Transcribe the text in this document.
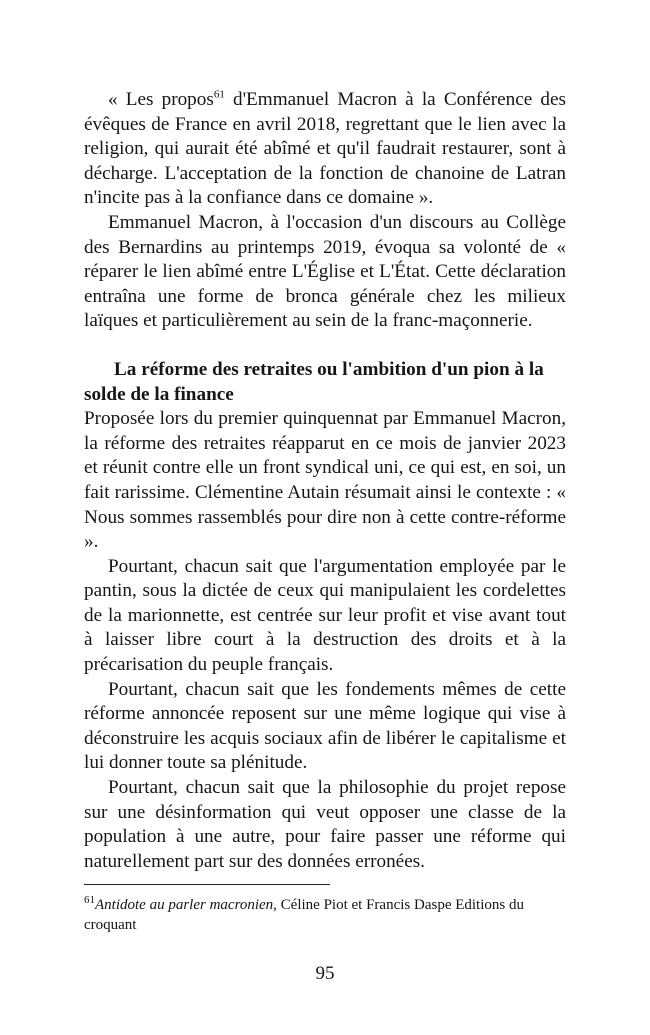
« Les propos$^{61}$ d'Emmanuel Macron à la Conférence des évêques de France en avril 2018, regrettant que le lien avec la religion, qui aurait été abîmé et qu'il faudrait restaurer, sont à décharge. L'acceptation de la fonction de chanoine de Latran n'incite pas à la confiance dans ce domaine ».

Emmanuel Macron, à l'occasion d'un discours au Collège des Bernardins au printemps 2019, évoqua sa volonté de « réparer le lien abîmé entre L'Église et L'État. Cette déclaration entraîna une forme de bronca générale chez les milieux laïques et particulièrement au sein de la franc-maçonnerie.

La réforme des retraites ou l'ambition d'un pion à la solde de la finance

Proposée lors du premier quinquennat par Emmanuel Macron, la réforme des retraites réapparut en ce mois de janvier 2023 et réunit contre elle un front syndical uni, ce qui est, en soi, un fait rarissime. Clémentine Autain résumait ainsi le contexte : « Nous sommes rassemblés pour dire non à cette contre-réforme ».

Pourtant, chacun sait que l'argumentation employée par le pantin, sous la dictée de ceux qui manipulaient les cordelettes de la marionnette, est centrée sur leur profit et vise avant tout à laisser libre court à la destruction des droits et à la précarisation du peuple français.

Pourtant, chacun sait que les fondements mêmes de cette réforme annoncée reposent sur une même logique qui vise à déconstruire les acquis sociaux afin de libérer le capitalisme et lui donner toute sa plénitude.

Pourtant, chacun sait que la philosophie du projet repose sur une désinformation qui veut opposer une classe de la population à une autre, pour faire passer une réforme qui naturellement part sur des données erronées.

$^{61}$Antidote au parler macronien, Céline Piot et Francis Daspe Editions du croquant
95
